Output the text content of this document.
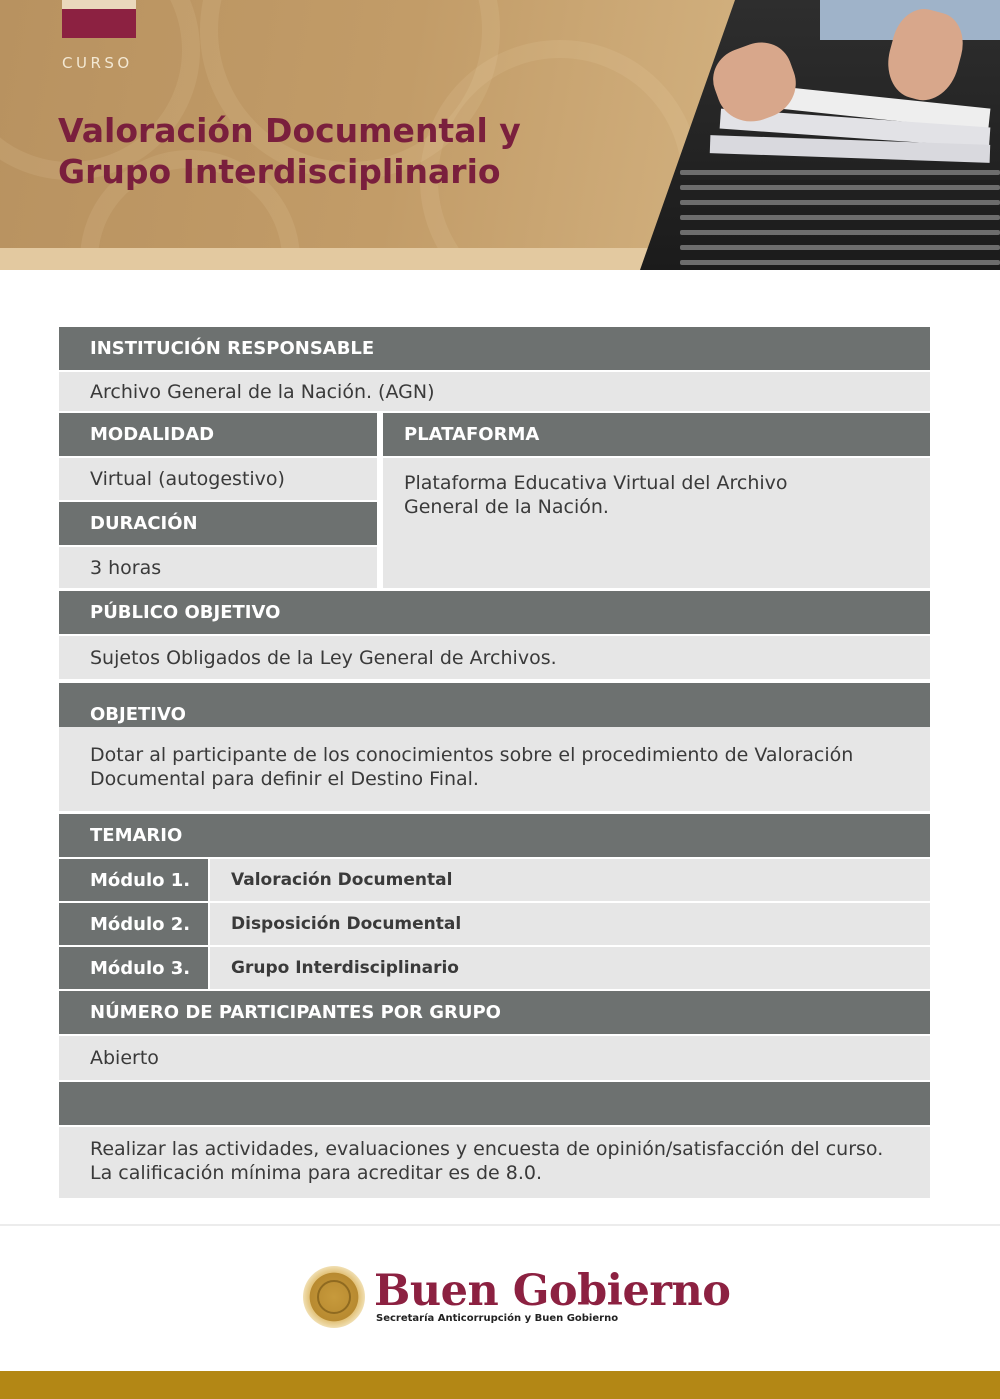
CURSO
Valoración Documental y
Grupo Interdisciplinario
INSTITUCIÓN RESPONSABLE
Archivo General de la Nación. (AGN)
MODALIDAD
Virtual (autogestivo)
DURACIÓN
3 horas
PLATAFORMA
Plataforma Educativa Virtual del Archivo
General de la Nación.
PÚBLICO OBJETIVO
Sujetos Obligados de la Ley General de Archivos.
OBJETIVO
Dotar al participante de los conocimientos sobre el procedimiento de Valoración
Documental para definir el Destino Final.
TEMARIO
Módulo 1.	Valoración Documental
Módulo 2.	Disposición Documental
Módulo 3.	Grupo Interdisciplinario
NÚMERO DE PARTICIPANTES POR GRUPO
Abierto
Realizar las actividades, evaluaciones y encuesta de opinión/satisfacción del curso.
La calificación mínima para acreditar es de 8.0.
Buen Gobierno
Secretaría Anticorrupción y Buen Gobierno
